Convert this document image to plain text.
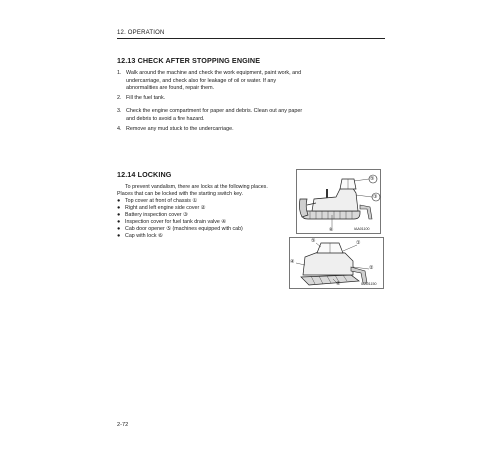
12. OPERATION
12.13 CHECK AFTER STOPPING ENGINE
1. Walk around the machine and check the work equipment, paint work, and undercarriage, and check also for leakage of oil or water. If any abnormalities are found, repair them.
2. Fill the fuel tank.
3. Check the engine compartment for paper and debris. Clean out any paper and debris to avoid a fire hazard.
4. Remove any mud stuck to the undercarriage.
12.14 LOCKING
To prevent vandalism, there are locks at the following places.
Places that can be locked with the starting switch key.
● Top cover at front of chassis ①
● Right and left engine side cover ②
● Battery inspection cover ③
● Inspection cover for fuel tank drain valve ④
● Cab door opener ⑤ (machines equipped with cab)
● Cap with lock ⑥
⑤
③
⑥	IAA01100
⑤	①
④
②
⑥	IAA01150
2-72
